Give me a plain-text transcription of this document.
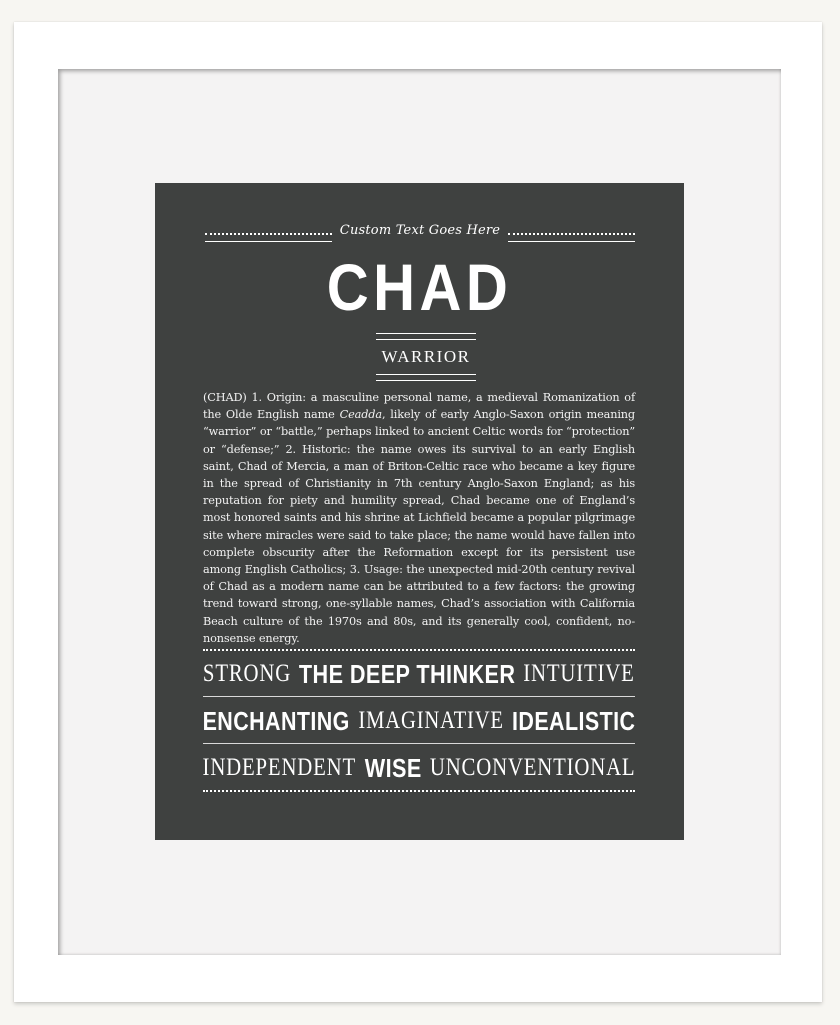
Custom Text Goes Here
CHAD
WARRIOR
(CHAD) 1. Origin: a masculine personal name, a medieval Romanization of the Olde English name Ceadda, likely of early Anglo-Saxon origin meaning “warrior” or “battle,” perhaps linked to ancient Celtic words for “protection” or “defense;” 2. Historic: the name owes its survival to an early English saint, Chad of Mercia, a man of Briton-Celtic race who became a key figure in the spread of Christianity in 7th century Anglo-Saxon England; as his reputation for piety and humility spread, Chad became one of England’s most honored saints and his shrine at Lichfield became a popular pilgrimage site where miracles were said to take place; the name would have fallen into complete obscurity after the Reformation except for its persistent use among English Catholics; 3. Usage: the unexpected mid-20th century revival of Chad as a modern name can be attributed to a few factors: the growing trend toward strong, one-syllable names, Chad’s association with California Beach culture of the 1970s and 80s, and its generally cool, confident, no-nonsense energy.
STRONG THE DEEP THINKER INTUITIVE
ENCHANTING IMAGINATIVE IDEALISTIC
INDEPENDENT WISE UNCONVENTIONAL
